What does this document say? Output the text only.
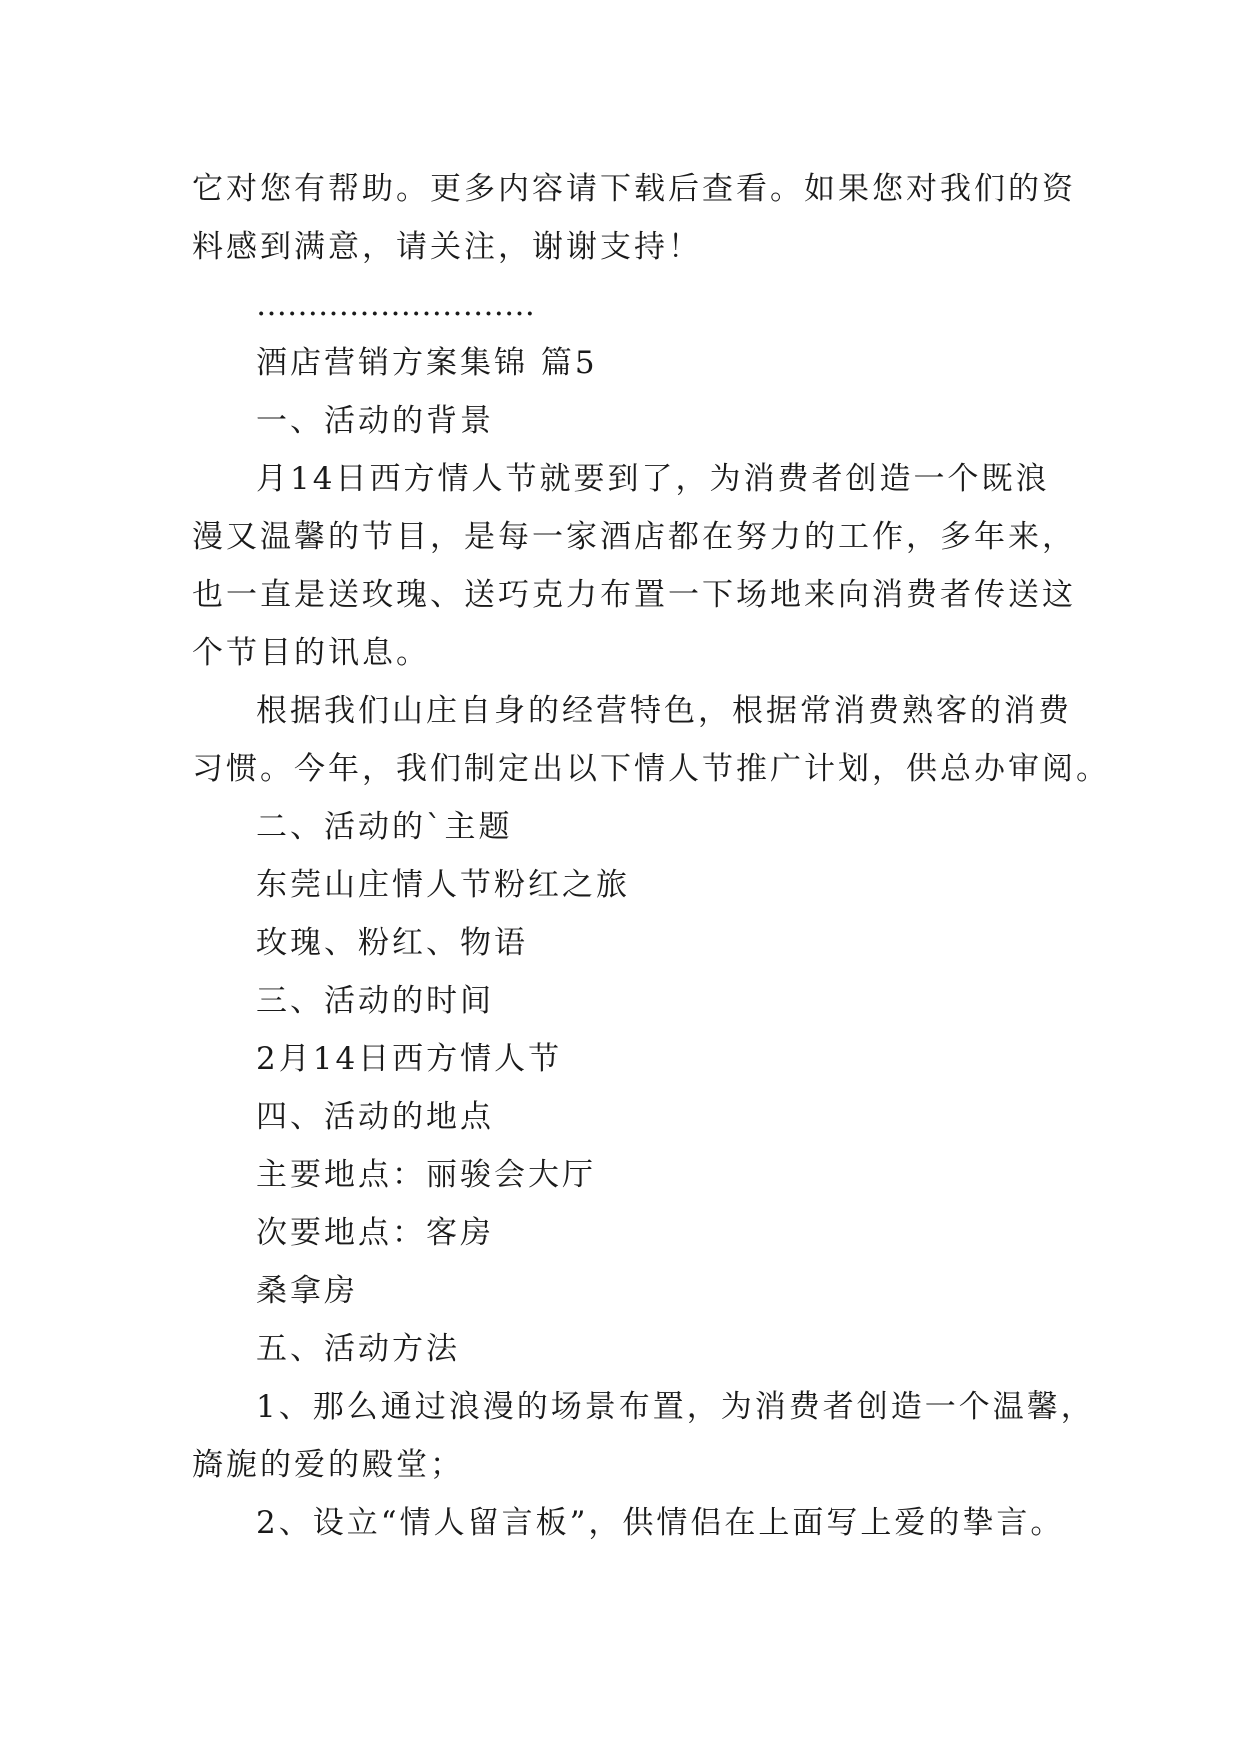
它对您有帮助。更多内容请下载后查看。如果您对我们的资
料感到满意，请关注，谢谢支持！
………………………
酒店营销方案集锦 篇5
一、活动的背景
月14日西方情人节就要到了，为消费者创造一个既浪
漫又温馨的节目，是每一家酒店都在努力的工作，多年来，
也一直是送玫瑰、送巧克力布置一下场地来向消费者传送这
个节目的讯息。
根据我们山庄自身的经营特色，根据常消费熟客的消费
习惯。今年，我们制定出以下情人节推广计划，供总办审阅。
二、活动的`主题
东莞山庄情人节粉红之旅
玫瑰、粉红、物语
三、活动的时间
2月14日西方情人节
四、活动的地点
主要地点：丽骏会大厅
次要地点：客房
桑拿房
五、活动方法
1、那么通过浪漫的场景布置，为消费者创造一个温馨，
旖旎的爱的殿堂；
2、设立“情人留言板”，供情侣在上面写上爱的挚言。
